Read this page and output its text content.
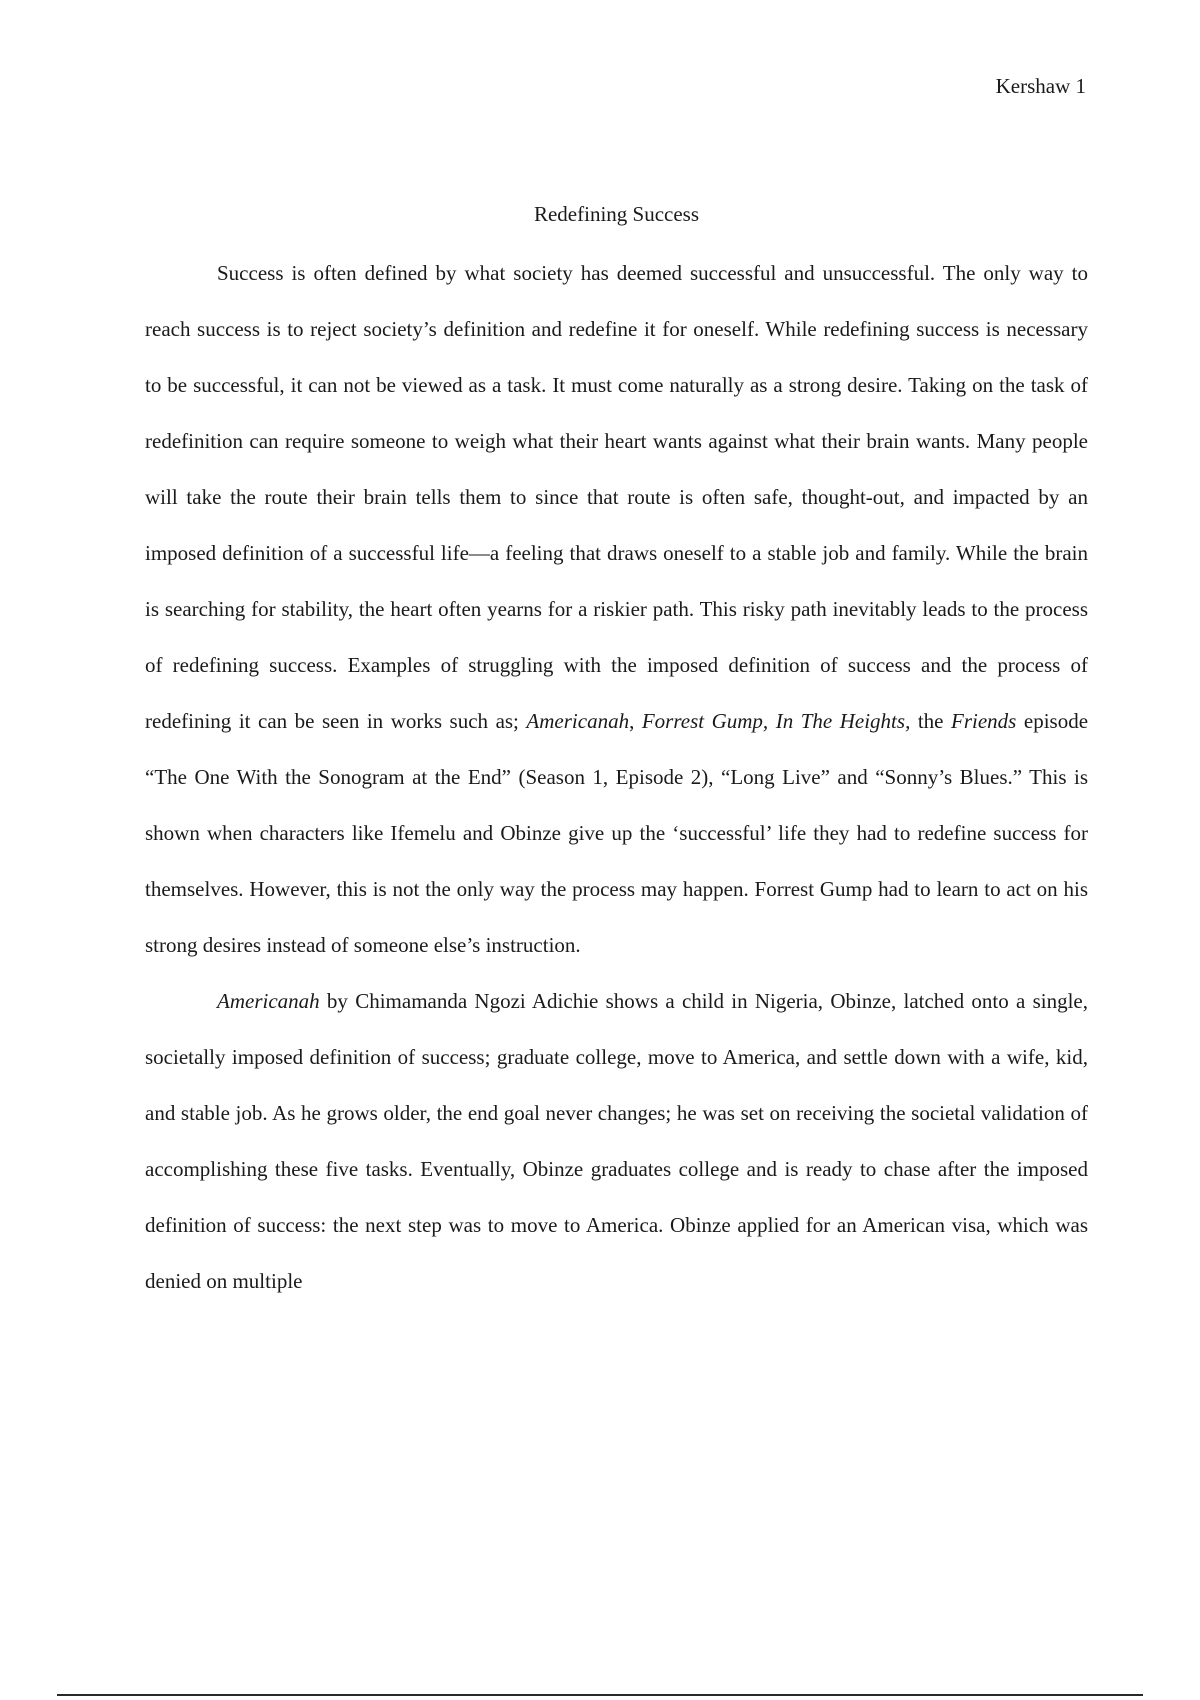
Kershaw 1
Redefining Success

Success is often defined by what society has deemed successful and unsuccessful. The only way to reach success is to reject society’s definition and redefine it for oneself. While redefining success is necessary to be successful, it can not be viewed as a task. It must come naturally as a strong desire. Taking on the task of redefinition can require someone to weigh what their heart wants against what their brain wants. Many people will take the route their brain tells them to since that route is often safe, thought-out, and impacted by an imposed definition of a successful life—a feeling that draws oneself to a stable job and family. While the brain is searching for stability, the heart often yearns for a riskier path. This risky path inevitably leads to the process of redefining success. Examples of struggling with the imposed definition of success and the process of redefining it can be seen in works such as; Americanah, Forrest Gump, In The Heights, the Friends episode “The One With the Sonogram at the End” (Season 1, Episode 2), “Long Live” and “Sonny’s Blues.” This is shown when characters like Ifemelu and Obinze give up the ‘successful’ life they had to redefine success for themselves. However, this is not the only way the process may happen. Forrest Gump had to learn to act on his strong desires instead of someone else’s instruction.

Americanah by Chimamanda Ngozi Adichie shows a child in Nigeria, Obinze, latched onto a single, societally imposed definition of success; graduate college, move to America, and settle down with a wife, kid, and stable job. As he grows older, the end goal never changes; he was set on receiving the societal validation of accomplishing these five tasks. Eventually, Obinze graduates college and is ready to chase after the imposed definition of success: the next step was to move to America. Obinze applied for an American visa, which was denied on multiple
